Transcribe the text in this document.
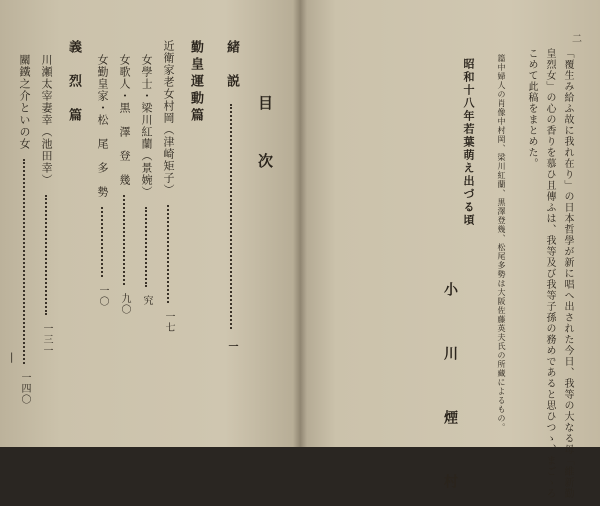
目　次
緒　説  一
勤皇運動篇
近衛家老女村岡（津崎矩子）  一七
女學士・梁川紅蘭（景婉）  究
女歌人・黒　澤　登　幾  九〇
女勤皇家・松　尾　多　勢  一〇
義　烈　篇
川瀬太宰妻幸（池田幸）  一三一
關鐵之介といの女  一四〇
|
二
「覆生み給ふ故に我れ在り」の日本哲學が新に唱へ出された今日、我等の大なる母「維新勤
皇烈女」の心の香りを慕ひ且傳ふは、我等及び我等子孫の務めであると思ひつゝ、まごゝろ
こめて此稿をまとめた。
篇中婦人の肖像中村岡、梁川紅蘭、黒澤登幾、松尾多勢は大阪佐藤英夫氏の所藏によるもの。
昭和十八年若葉萌え出づる頃
小　川　煙　村
